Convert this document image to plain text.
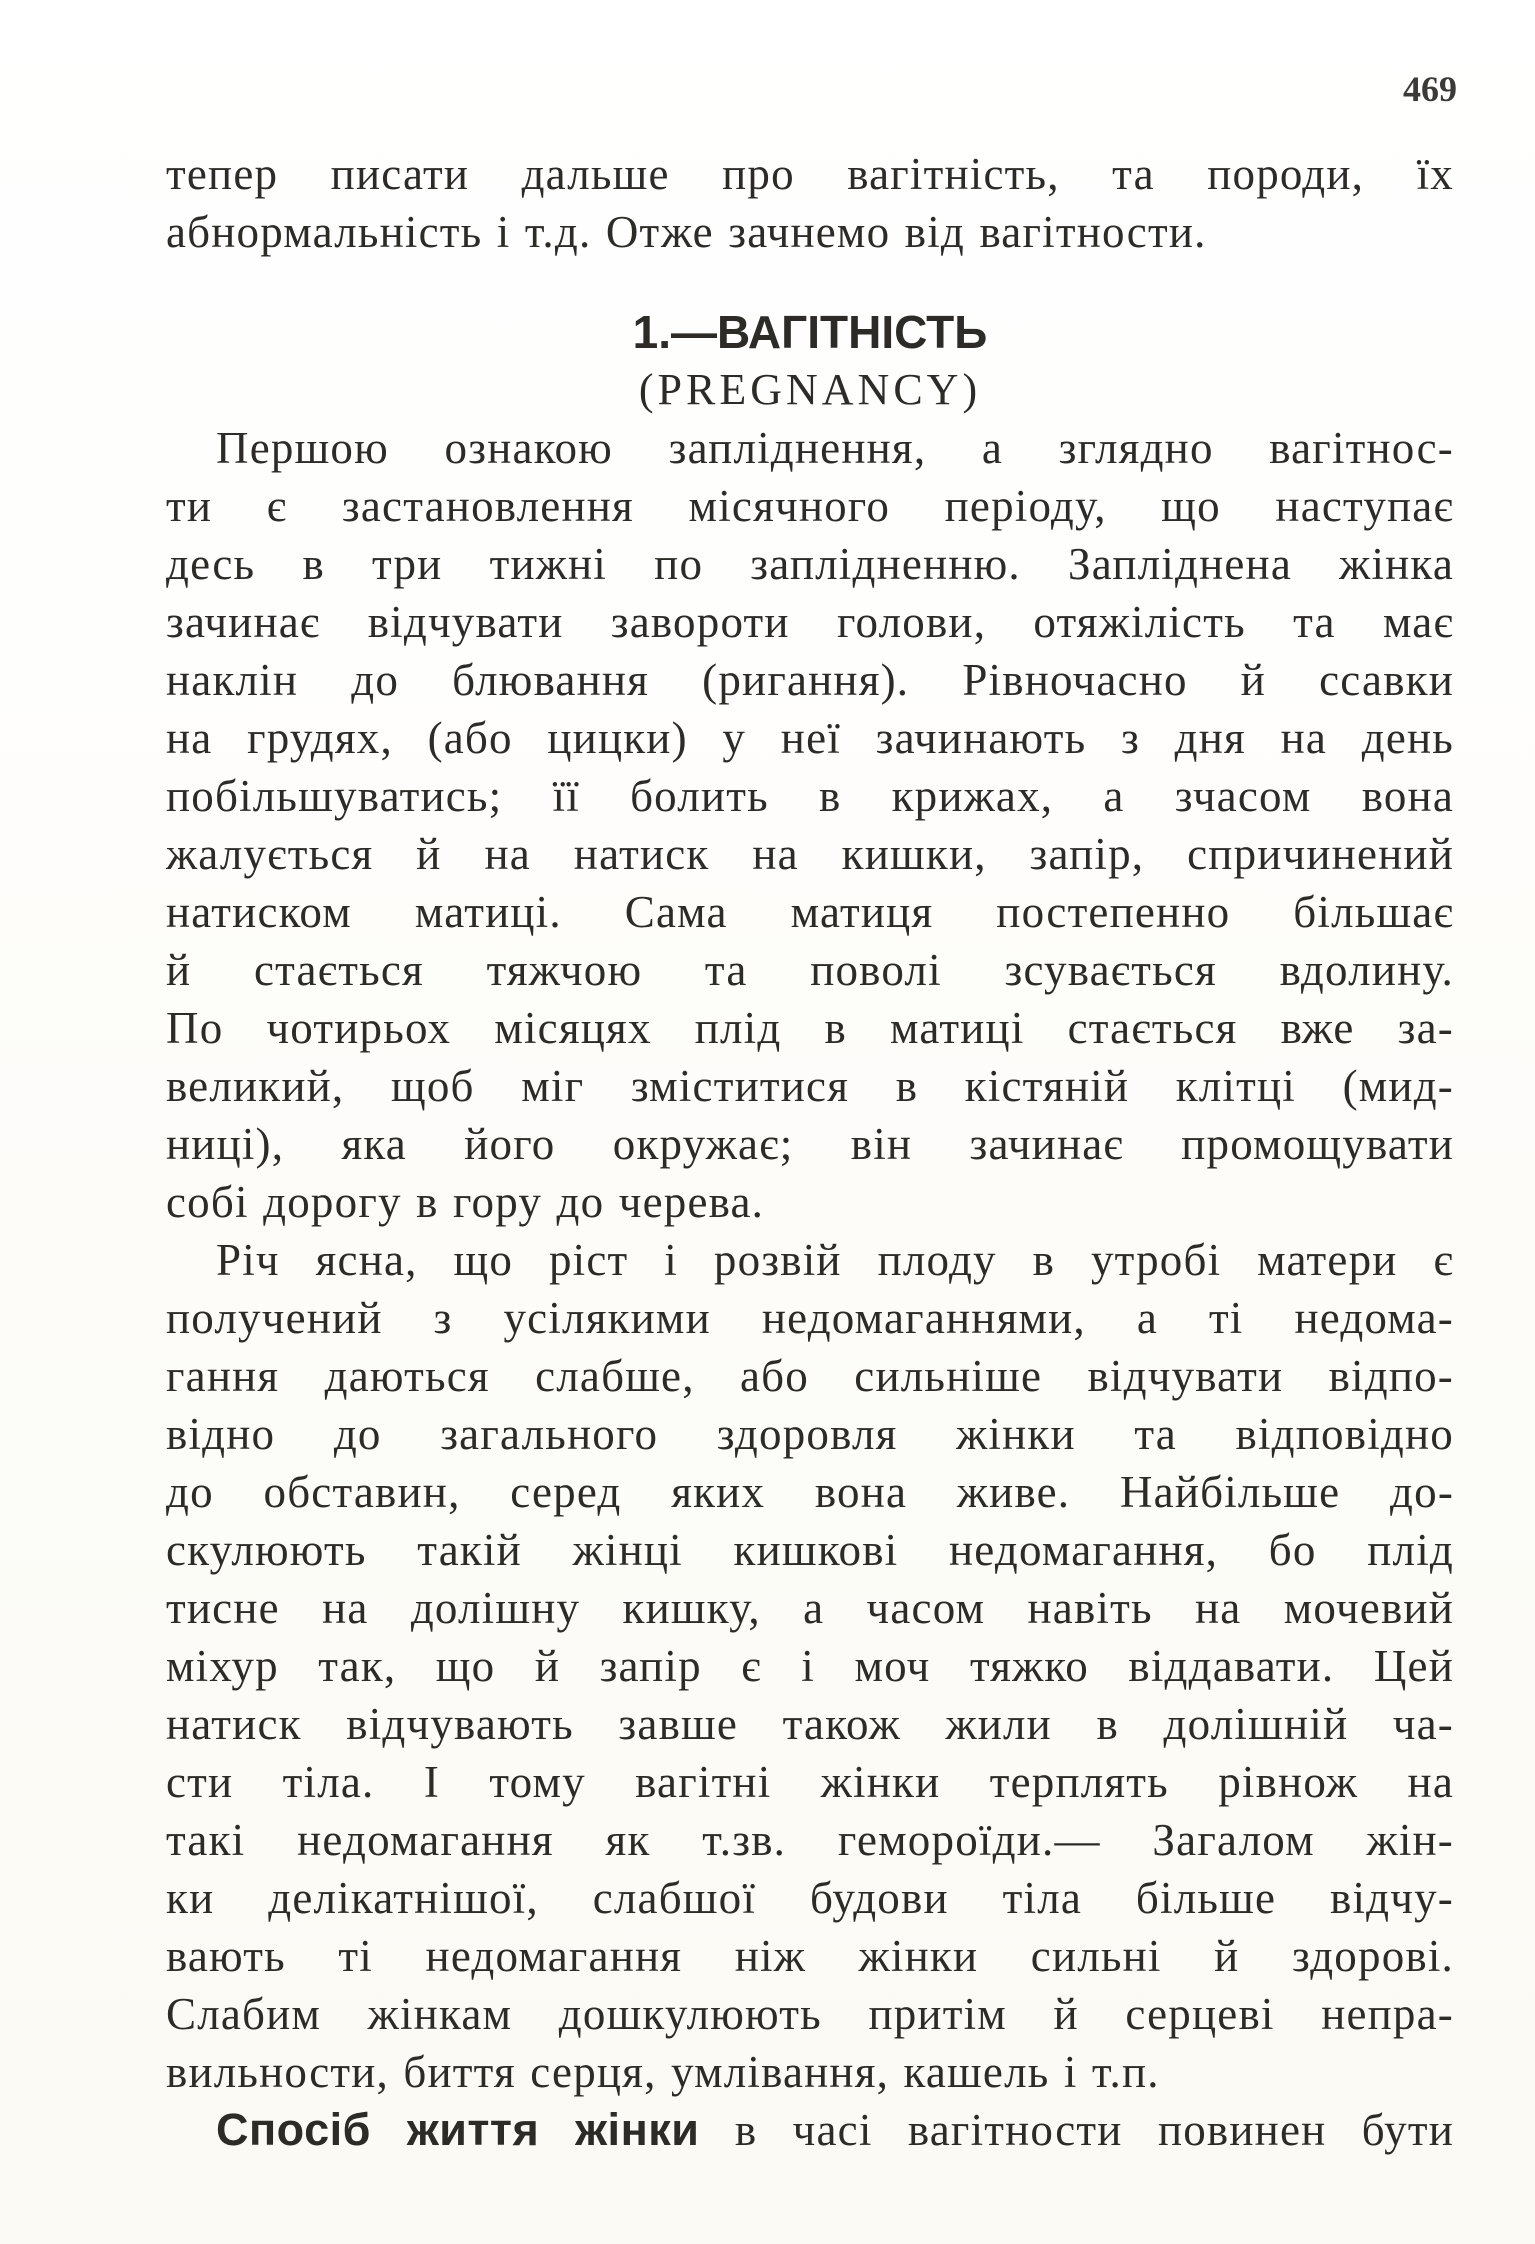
469
тепер писати дальше про вагітність, та породи, їх
абнормальність і т.д. Отже зачнемо від вагітности.
1.—ВАГІТНІСТЬ
(PREGNANCY)
Першою ознакою запліднення, а зглядно вагітнос-
ти є застановлення місячного періоду, що наступає
десь в три тижні по заплідненню. Запліднена жінка
зачинає відчувати завороти голови, отяжілість та має
наклін до блювання (ригання). Рівночасно й ссавки
на грудях, (або цицки) у неї зачинають з дня на день
побільшуватись; її болить в крижах, а зчасом вона
жалується й на натиск на кишки, запір, спричинений
натиском матиці. Сама матиця постепенно більшає
й стається тяжчою та поволі зсувається вдолину.
По чотирьох місяцях плід в матиці стається вже за-
великий, щоб міг зміститися в кістяній клітці (мид-
ниці), яка його окружає; він зачинає промощувати
собі дорогу в гору до черева.
Річ ясна, що ріст і розвій плоду в утробі матери є
получений з усілякими недомаганнями, а ті недома-
гання даються слабше, або сильніше відчувати відпо-
відно до загального здоровля жінки та відповідно
до обставин, серед яких вона живе. Найбільше до-
скулюють такій жінці кишкові недомагання, бо плід
тисне на долішну кишку, а часом навіть на мочевий
міхур так, що й запір є і моч тяжко віддавати. Цей
натиск відчувають завше також жили в долішній ча-
сти тіла. І тому вагітні жінки терплять рівнож на
такі недомагання як т.зв. гемороїди.— Загалом жін-
ки делікатнішої, слабшої будови тіла більше відчу-
вають ті недомагання ніж жінки сильні й здорові.
Слабим жінкам дошкулюють притім й серцеві непра-
вильности, биття серця, умлівання, кашель і т.п.
Спосіб життя жінки в часі вагітности повинен бути
